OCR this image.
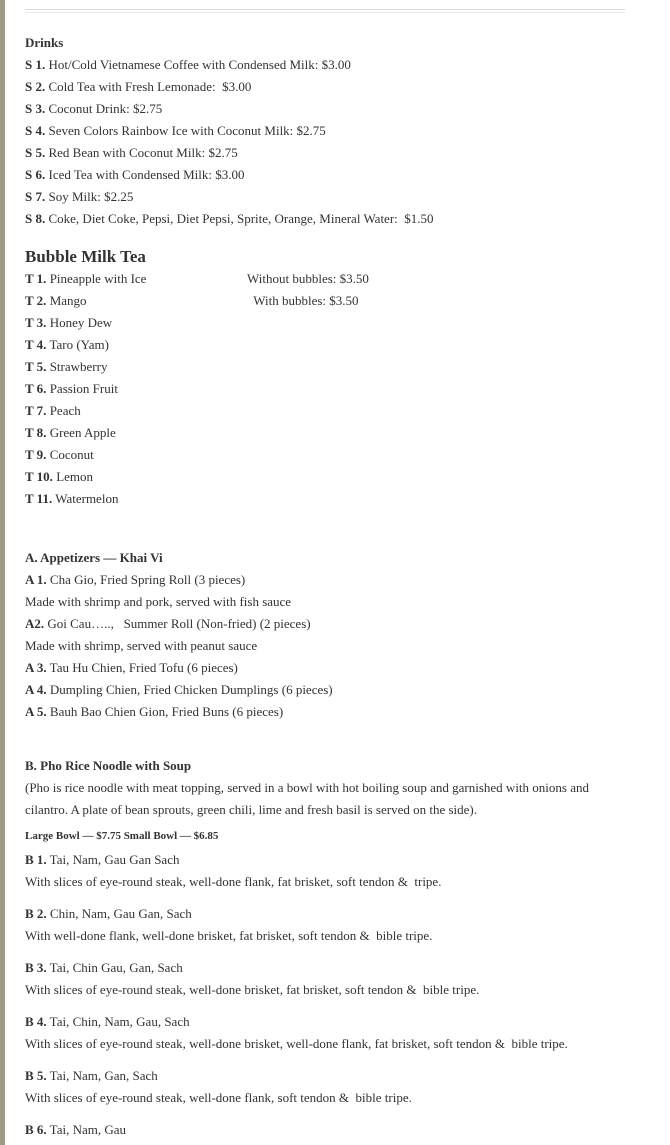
Drinks
S 1. Hot/Cold Vietnamese Coffee with Condensed Milk: $3.00
S 2. Cold Tea with Fresh Lemonade:  $3.00
S 3. Coconut Drink: $2.75
S 4. Seven Colors Rainbow Ice with Coconut Milk: $2.75
S 5. Red Bean with Coconut Milk: $2.75
S 6. Iced Tea with Condensed Milk: $3.00
S 7. Soy Milk: $2.25
S 8. Coke, Diet Coke, Pepsi, Diet Pepsi, Sprite, Orange, Mineral Water:  $1.50
Bubble Milk Tea
T 1. Pineapple with Ice	Without bubbles: $3.50
T 2. Mango	With bubbles: $3.50
T 3. Honey Dew
T 4. Taro (Yam)
T 5. Strawberry
T 6. Passion Fruit
T 7. Peach
T 8. Green Apple
T 9. Coconut
T 10. Lemon
T 11. Watermelon
A. Appetizers — Khai Vi
A 1. Cha Gio, Fried Spring Roll (3 pieces)
Made with shrimp and pork, served with fish sauce
A2. Goi Cau…..,   Summer Roll (Non-fried) (2 pieces)
Made with shrimp, served with peanut sauce
A 3. Tau Hu Chien, Fried Tofu (6 pieces)
A 4. Dumpling Chien, Fried Chicken Dumplings (6 pieces)
A 5. Bauh Bao Chien Gion, Fried Buns (6 pieces)
B. Pho Rice Noodle with Soup
(Pho is rice noodle with meat topping, served in a bowl with hot boiling soup and garnished with onions and cilantro. A plate of bean sprouts, green chili, lime and fresh basil is served on the side).
Large Bowl — $7.75 Small Bowl — $6.85
B 1. Tai, Nam, Gau Gan Sach
With slices of eye-round steak, well-done flank, fat brisket, soft tendon &  tripe.
B 2. Chin, Nam, Gau Gan, Sach
With well-done flank, well-done brisket, fat brisket, soft tendon &  bible tripe.
B 3. Tai, Chin Gau, Gan, Sach
With slices of eye-round steak, well-done brisket, fat brisket, soft tendon &  bible tripe.
B 4. Tai, Chin, Nam, Gau, Sach
With slices of eye-round steak, well-done brisket, well-done flank, fat brisket, soft tendon &  bible tripe.
B 5. Tai, Nam, Gan, Sach
With slices of eye-round steak, well-done flank, soft tendon &  bible tripe.
B 6. Tai, Nam, Gau
